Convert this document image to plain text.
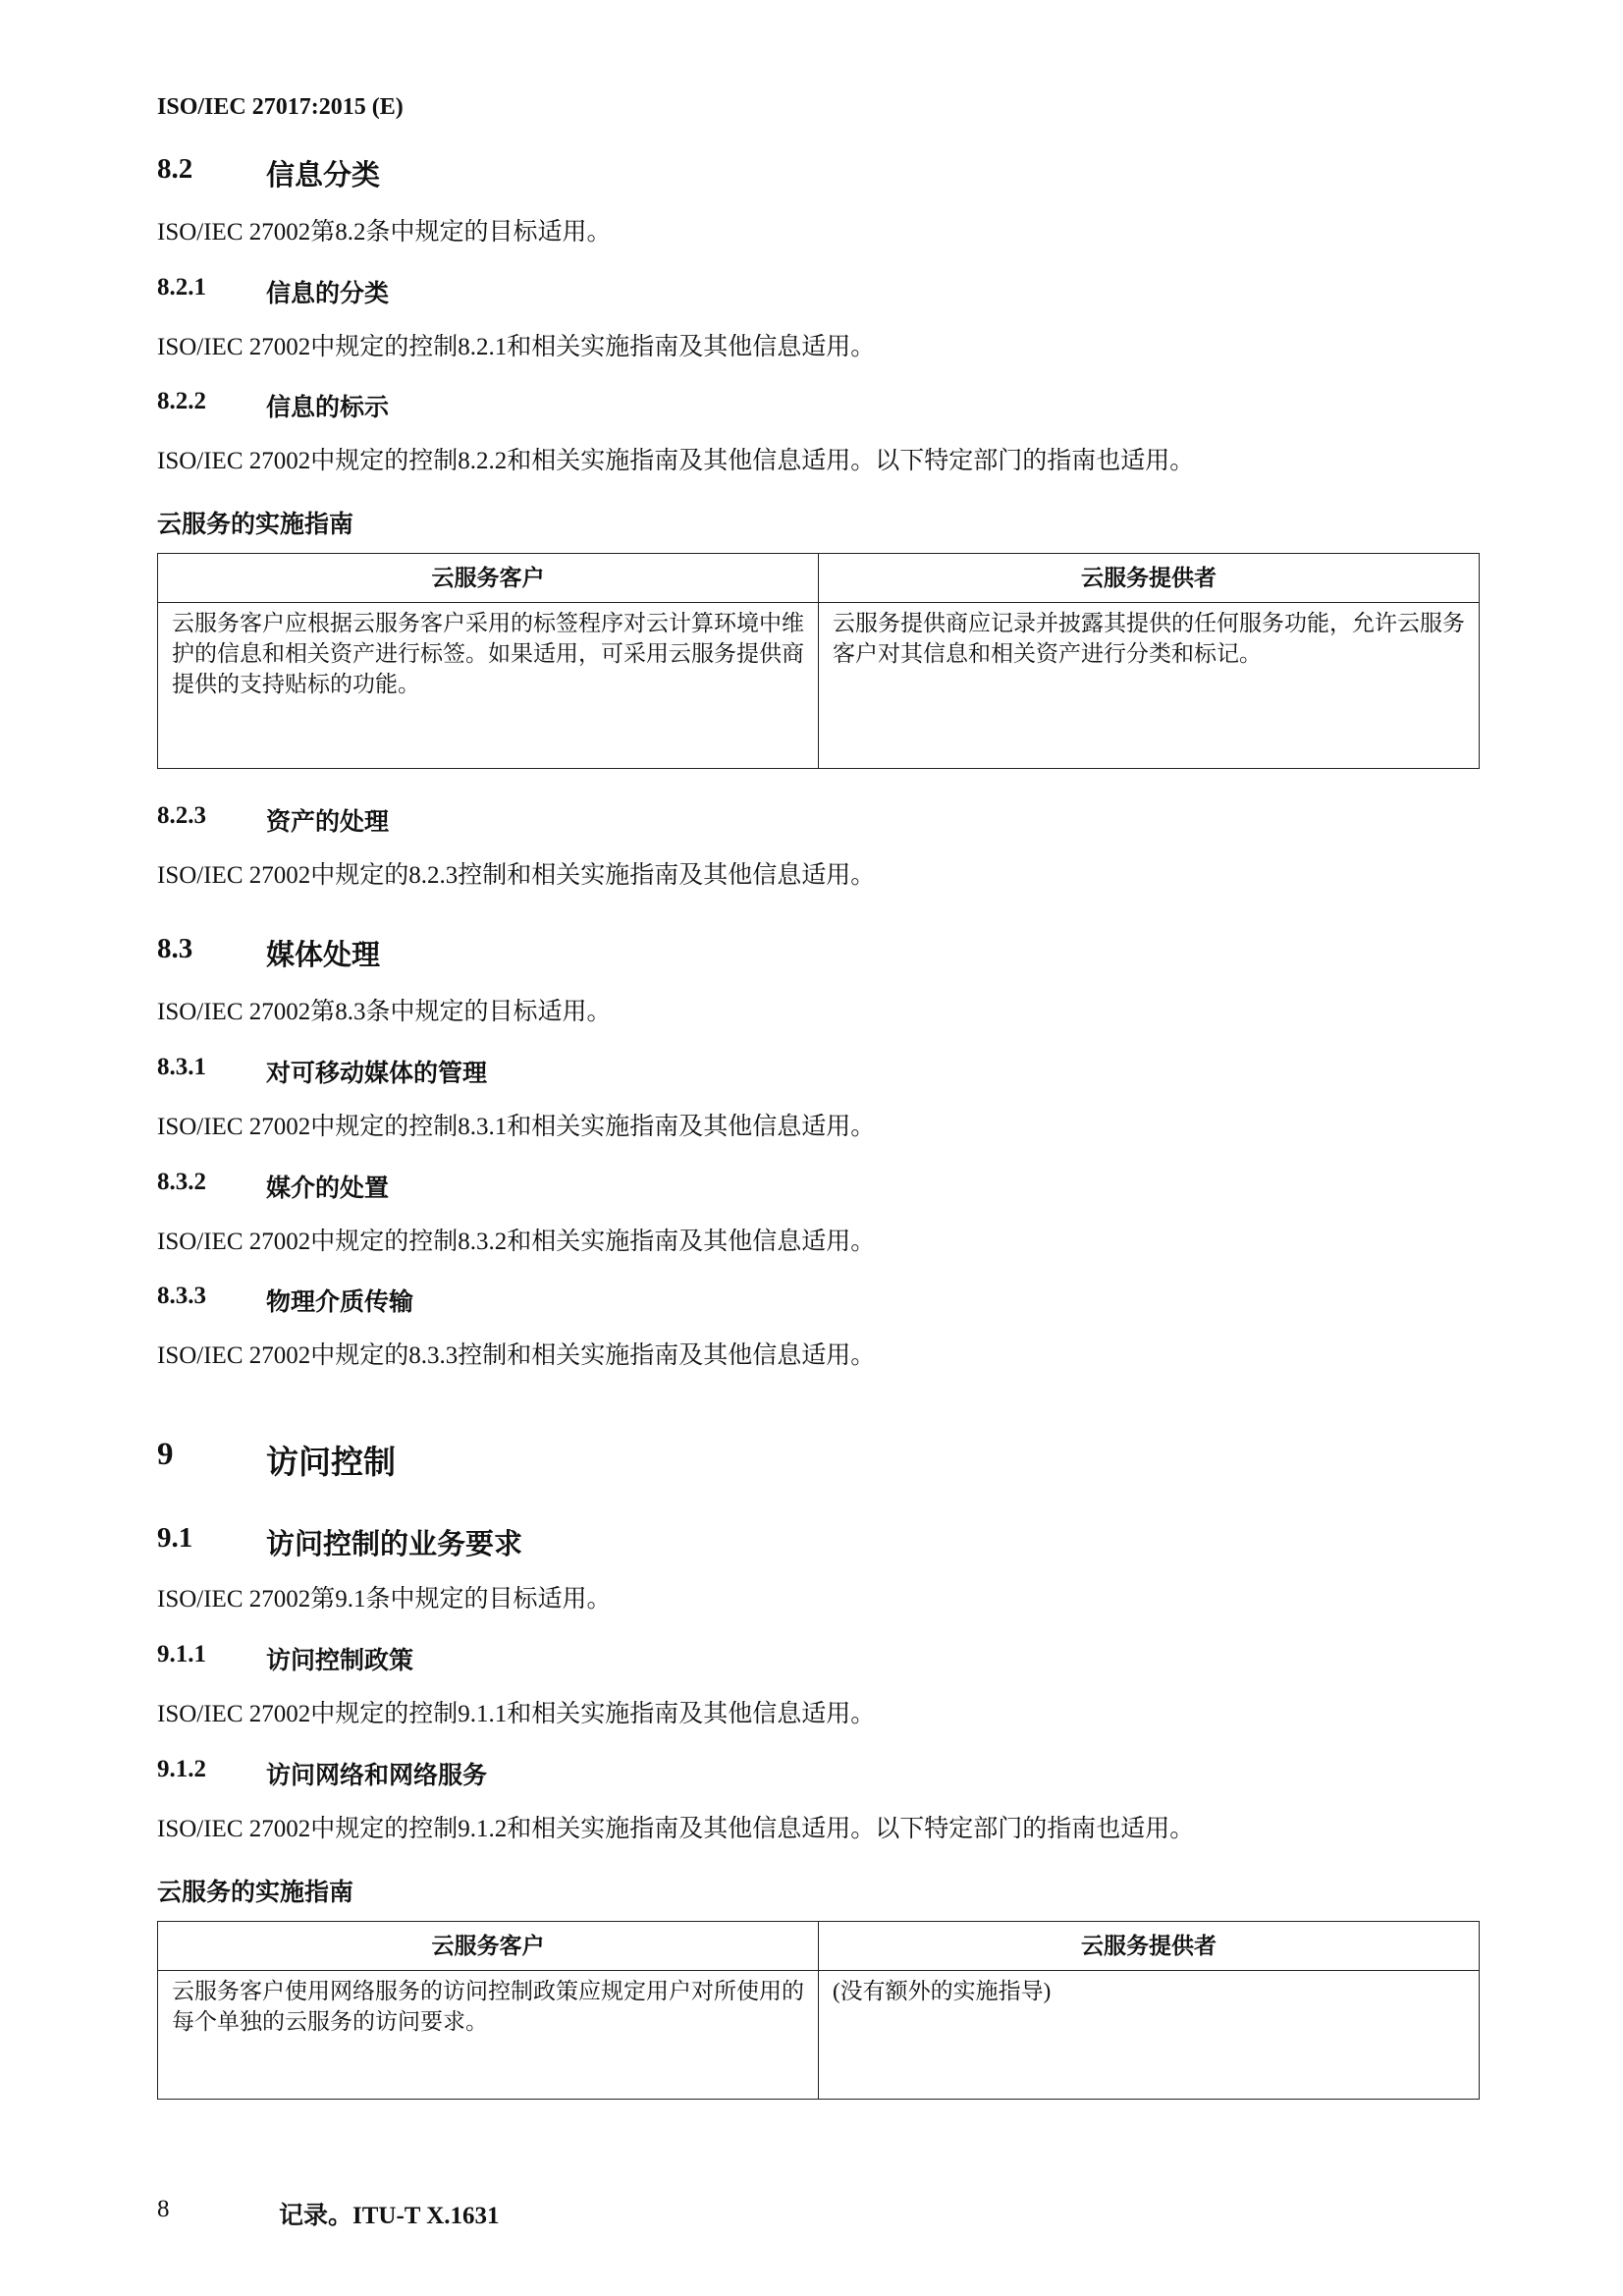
ISO/IEC 27017:2015 (E)
8.2	信息分类
ISO/IEC 27002第8.2条中规定的目标适用。
8.2.1 信息的分类
ISO/IEC 27002中规定的控制8.2.1和相关实施指南及其他信息适用。
8.2.2 信息的标示
ISO/IEC 27002中规定的控制8.2.2和相关实施指南及其他信息适用。以下特定部门的指南也适用。
云服务的实施指南
云服务客户	云服务提供者
云服务客户应根据云服务客户采用的标签程序对云计算环境中维护的信息和相关资产进行标签。如果适用，可采用云服务提供商提供的支持贴标的功能。	云服务提供商应记录并披露其提供的任何服务功能，允许云服务客户对其信息和相关资产进行分类和标记。
8.2.3 资产的处理
ISO/IEC 27002中规定的8.2.3控制和相关实施指南及其他信息适用。
8.3	媒体处理
ISO/IEC 27002第8.3条中规定的目标适用。
8.3.1 对可移动媒体的管理
ISO/IEC 27002中规定的控制8.3.1和相关实施指南及其他信息适用。
8.3.2 媒介的处置
ISO/IEC 27002中规定的控制8.3.2和相关实施指南及其他信息适用。
8.3.3 物理介质传输
ISO/IEC 27002中规定的8.3.3控制和相关实施指南及其他信息适用。
9	访问控制
9.1	访问控制的业务要求
ISO/IEC 27002第9.1条中规定的目标适用。
9.1.1 访问控制政策
ISO/IEC 27002中规定的控制9.1.1和相关实施指南及其他信息适用。
9.1.2 访问网络和网络服务
ISO/IEC 27002中规定的控制9.1.2和相关实施指南及其他信息适用。以下特定部门的指南也适用。
云服务的实施指南
云服务客户	云服务提供者
云服务客户使用网络服务的访问控制政策应规定用户对所使用的每个单独的云服务的访问要求。	(没有额外的实施指导)
8	记录。ITU-T X.1631
